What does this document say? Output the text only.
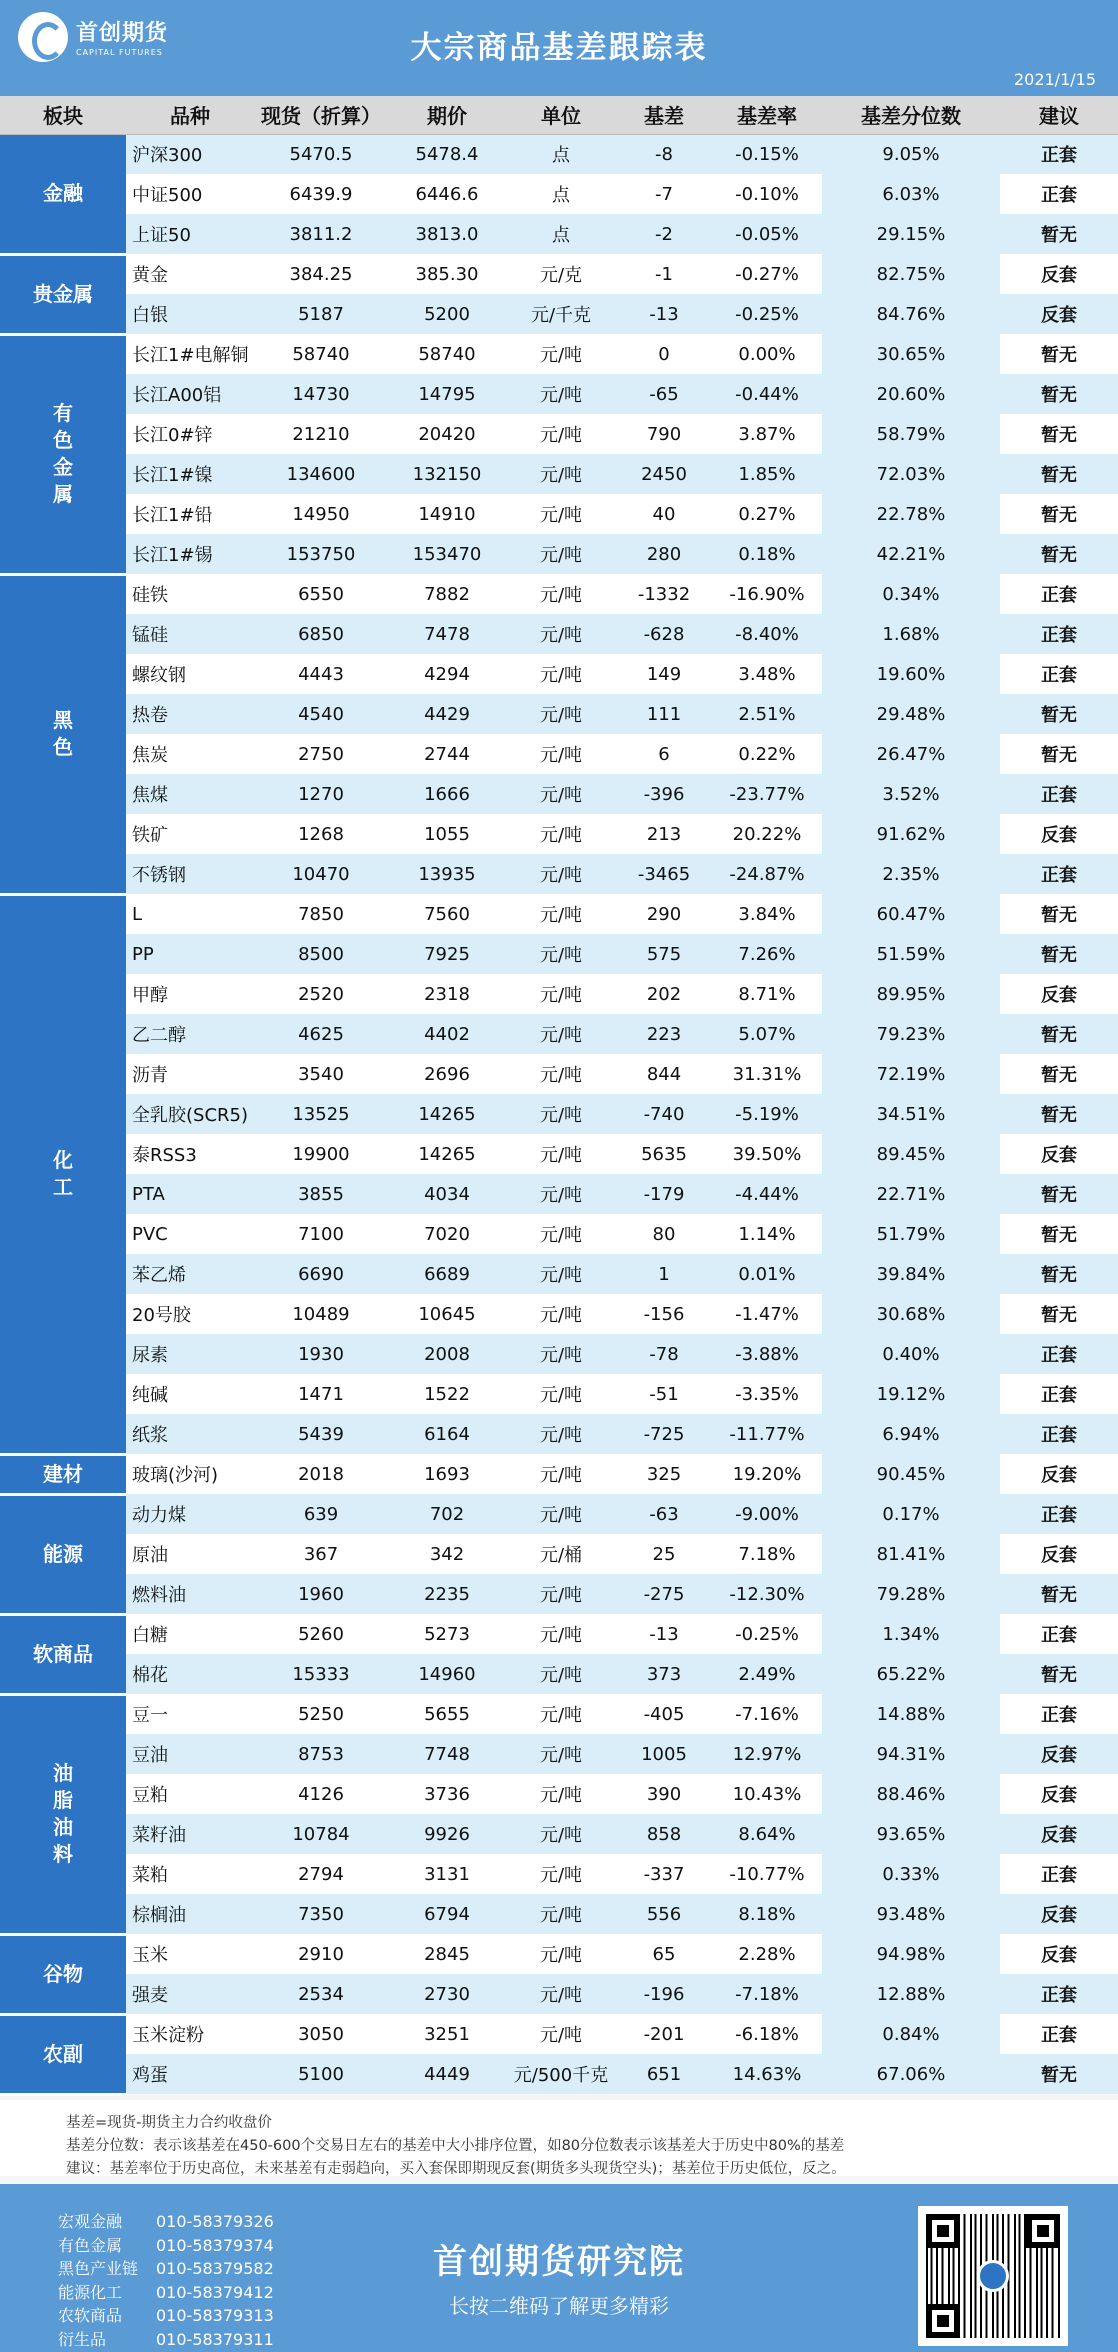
首创期货
CAPITAL FUTURES	大宗商品基差跟踪表
2021/1/15
板块	品种	现货（折算）	期价	单位	基差	基差率	基差分位数	建议
金融	沪深300	5470.5	5478.4	点	-8	-0.15%	9.05%	正套
	中证500	6439.9	6446.6	点	-7	-0.10%	6.03%	正套
	上证50	3811.2	3813.0	点	-2	-0.05%	29.15%	暂无
贵金属	黄金	384.25	385.30	元/克	-1	-0.27%	82.75%	反套
	白银	5187	5200	元/千克	-13	-0.25%	84.76%	反套
有色金属	长江1#电解铜	58740	58740	元/吨	0	0.00%	30.65%	暂无
	长江A00铝	14730	14795	元/吨	-65	-0.44%	20.60%	暂无
	长江0#锌	21210	20420	元/吨	790	3.87%	58.79%	暂无
	长江1#镍	134600	132150	元/吨	2450	1.85%	72.03%	暂无
	长江1#铅	14950	14910	元/吨	40	0.27%	22.78%	暂无
	长江1#锡	153750	153470	元/吨	280	0.18%	42.21%	暂无
黑色	硅铁	6550	7882	元/吨	-1332	-16.90%	0.34%	正套
	锰硅	6850	7478	元/吨	-628	-8.40%	1.68%	正套
	螺纹钢	4443	4294	元/吨	149	3.48%	19.60%	正套
	热卷	4540	4429	元/吨	111	2.51%	29.48%	暂无
	焦炭	2750	2744	元/吨	6	0.22%	26.47%	暂无
	焦煤	1270	1666	元/吨	-396	-23.77%	3.52%	正套
	铁矿	1268	1055	元/吨	213	20.22%	91.62%	反套
	不锈钢	10470	13935	元/吨	-3465	-24.87%	2.35%	正套
化工	L	7850	7560	元/吨	290	3.84%	60.47%	暂无
	PP	8500	7925	元/吨	575	7.26%	51.59%	暂无
	甲醇	2520	2318	元/吨	202	8.71%	89.95%	反套
	乙二醇	4625	4402	元/吨	223	5.07%	79.23%	暂无
	沥青	3540	2696	元/吨	844	31.31%	72.19%	暂无
	全乳胶(SCR5)	13525	14265	元/吨	-740	-5.19%	34.51%	暂无
	泰RSS3	19900	14265	元/吨	5635	39.50%	89.45%	反套
	PTA	3855	4034	元/吨	-179	-4.44%	22.71%	暂无
	PVC	7100	7020	元/吨	80	1.14%	51.79%	暂无
	苯乙烯	6690	6689	元/吨	1	0.01%	39.84%	暂无
	20号胶	10489	10645	元/吨	-156	-1.47%	30.68%	暂无
	尿素	1930	2008	元/吨	-78	-3.88%	0.40%	正套
	纯碱	1471	1522	元/吨	-51	-3.35%	19.12%	正套
	纸浆	5439	6164	元/吨	-725	-11.77%	6.94%	正套
建材	玻璃(沙河)	2018	1693	元/吨	325	19.20%	90.45%	反套
能源	动力煤	639	702	元/吨	-63	-9.00%	0.17%	正套
	原油	367	342	元/桶	25	7.18%	81.41%	反套
	燃料油	1960	2235	元/吨	-275	-12.30%	79.28%	暂无
软商品	白糖	5260	5273	元/吨	-13	-0.25%	1.34%	正套
	棉花	15333	14960	元/吨	373	2.49%	65.22%	暂无
油脂油料	豆一	5250	5655	元/吨	-405	-7.16%	14.88%	正套
	豆油	8753	7748	元/吨	1005	12.97%	94.31%	反套
	豆粕	4126	3736	元/吨	390	10.43%	88.46%	反套
	菜籽油	10784	9926	元/吨	858	8.64%	93.65%	反套
	菜粕	2794	3131	元/吨	-337	-10.77%	0.33%	正套
	棕榈油	7350	6794	元/吨	556	8.18%	93.48%	反套
谷物	玉米	2910	2845	元/吨	65	2.28%	94.98%	反套
	强麦	2534	2730	元/吨	-196	-7.18%	12.88%	正套
农副	玉米淀粉	3050	3251	元/吨	-201	-6.18%	0.84%	正套
	鸡蛋	5100	4449	元/500千克	651	14.63%	67.06%	暂无
基差=现货-期货主力合约收盘价
基差分位数：表示该基差在450-600个交易日左右的基差中大小排序位置，如80分位数表示该基差大于历史中80%的基差
建议：基差率位于历史高位，未来基差有走弱趋向，买入套保即期现反套(期货多头现货空头)；基差位于历史低位，反之。
宏观金融	010-58379326
有色金属	010-58379374
黑色产业链	010-58379582
能源化工	010-58379412
农软商品	010-58379313
衍生品	010-58379311
首创期货研究院
长按二维码了解更多精彩
